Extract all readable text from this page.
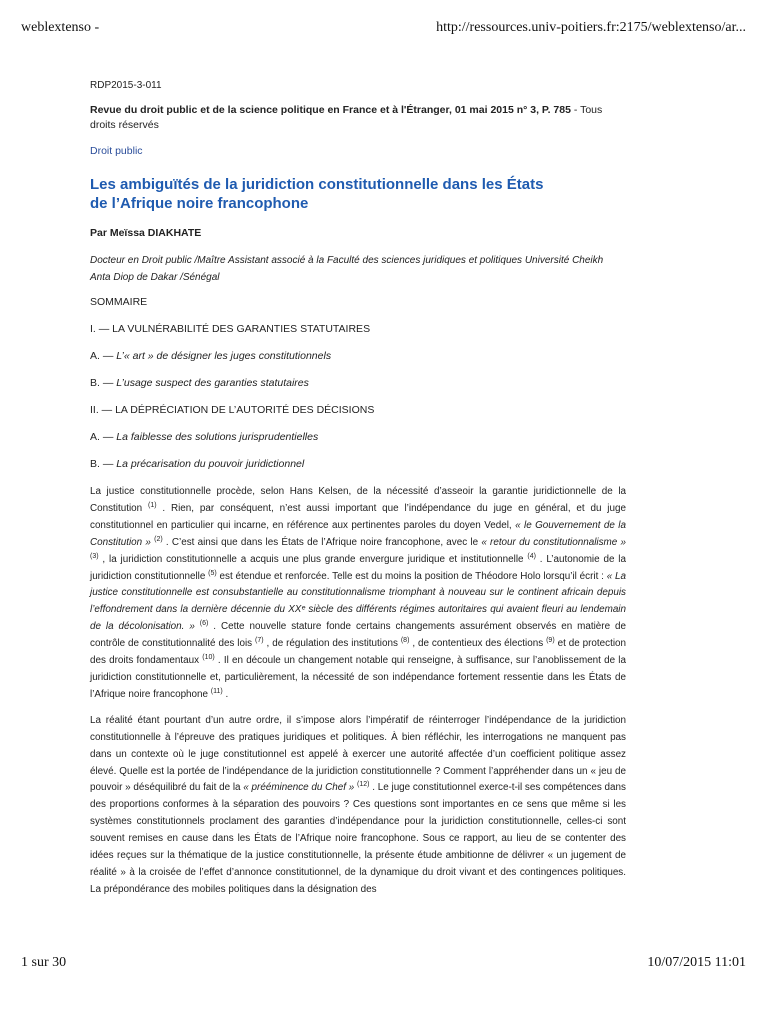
weblextenso -	http://ressources.univ-poitiers.fr:2175/weblextenso/ar...
RDP2015-3-011
Revue du droit public et de la science politique en France et à l'Étranger, 01 mai 2015 n° 3, P. 785 - Tous droits réservés
Droit public
Les ambiguïtés de la juridiction constitutionnelle dans les États de l’Afrique noire francophone
Par Meïssa DIAKHATE
Docteur en Droit public /Maître Assistant associé à la Faculté des sciences juridiques et politiques Université Cheikh Anta Diop de Dakar /Sénégal
SOMMAIRE
I. — LA VULNÉRABILITÉ DES GARANTIES STATUTAIRES
A. — L’« art » de désigner les juges constitutionnels
B. — L’usage suspect des garanties statutaires
II. — LA DÉPRÉCIATION DE L’AUTORITÉ DES DÉCISIONS
A. — La faiblesse des solutions jurisprudentielles
B. — La précarisation du pouvoir juridictionnel

La justice constitutionnelle procède, selon Hans Kelsen, de la nécessité d’asseoir la garantie juridictionnelle de la Constitution $^{(1)}$ . Rien, par conséquent, n’est aussi important que l’indépendance du juge en général, et du juge constitutionnel en particulier qui incarne, en référence aux pertinentes paroles du doyen Vedel, « le Gouvernement de la Constitution » $^{(2)}$ . C’est ainsi que dans les États de l’Afrique noire francophone, avec le « retour du constitutionnalisme » $^{(3)}$ , la juridiction constitutionnelle a acquis une plus grande envergure juridique et institutionnelle $^{(4)}$ . L’autonomie de la juridiction constitutionnelle $^{(5)}$ est étendue et renforcée. Telle est du moins la position de Théodore Holo lorsqu’il écrit : « La justice constitutionnelle est consubstantielle au constitutionnalisme triomphant à nouveau sur le continent africain depuis l’effondrement dans la dernière décennie du XXᵉ siècle des différents régimes autoritaires qui avaient fleuri au lendemain de la décolonisation. » $^{(6)}$ . Cette nouvelle stature fonde certains changements assurément observés en matière de contrôle de constitutionnalité des lois $^{(7)}$ , de régulation des institutions $^{(8)}$ , de contentieux des élections $^{(9)}$ et de protection des droits fondamentaux $^{(10)}$ . Il en découle un changement notable qui renseigne, à suffisance, sur l’anoblissement de la juridiction constitutionnelle et, particulièrement, la nécessité de son indépendance fortement ressentie dans les États de l’Afrique noire francophone $^{(11)}$ .

La réalité étant pourtant d’un autre ordre, il s’impose alors l’impératif de réinterroger l’indépendance de la juridiction constitutionnelle à l’épreuve des pratiques juridiques et politiques. À bien réfléchir, les interrogations ne manquent pas dans un contexte où le juge constitutionnel est appelé à exercer une autorité affectée d’un coefficient politique assez élevé. Quelle est la portée de l’indépendance de la juridiction constitutionnelle ? Comment l’appréhender dans un « jeu de pouvoir » déséquilibré du fait de la « prééminence du Chef » $^{(12)}$ . Le juge constitutionnel exerce-t-il ses compétences dans des proportions conformes à la séparation des pouvoirs ? Ces questions sont importantes en ce sens que même si les systèmes constitutionnels proclament des garanties d’indépendance pour la juridiction constitutionnelle, celles-ci sont souvent remises en cause dans les États de l’Afrique noire francophone. Sous ce rapport, au lieu de se contenter des idées reçues sur la thématique de la justice constitutionnelle, la présente étude ambitionne de délivrer « un jugement de réalité » à la croisée de l’effet d’annonce constitutionnel, de la dynamique du droit vivant et des contingences politiques. La prépondérance des mobiles politiques dans la désignation des

1 sur 30	10/07/2015 11:01
